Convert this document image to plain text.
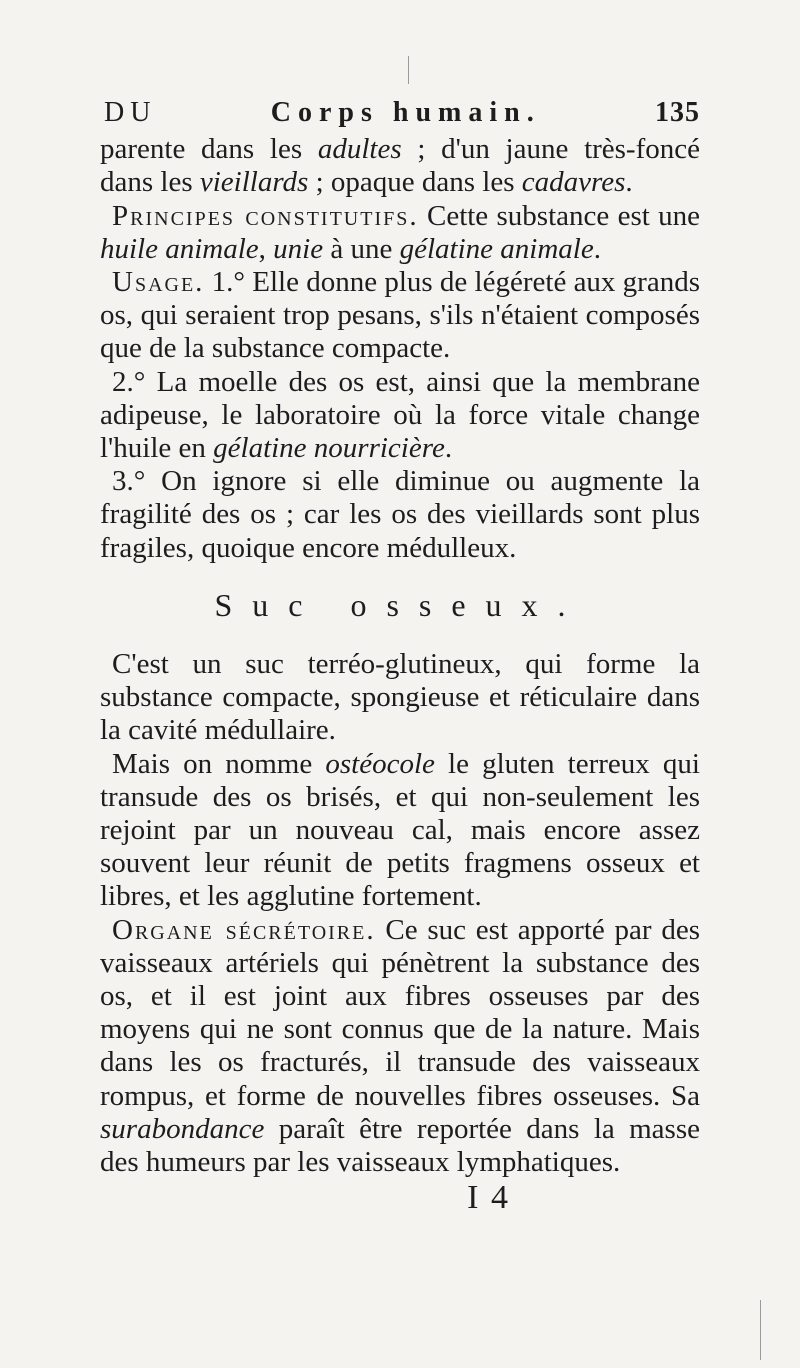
DU	Corps humain.	135

parente dans les adultes ; d'un jaune très-foncé dans les vieillards ; opaque dans les cadavres.

Principes constitutifs. Cette substance est une huile animale, unie à une gélatine animale.

Usage. 1.° Elle donne plus de légéreté aux grands os, qui seraient trop pesans, s'ils n'étaient composés que de la substance compacte.

2.° La moelle des os est, ainsi que la membrane adipeuse, le laboratoire où la force vitale change l'huile en gélatine nourricière.

3.° On ignore si elle diminue ou augmente la fragilité des os ; car les os des vieillards sont plus fragiles, quoique encore médulleux.

Suc osseux.

C'est un suc terréo-glutineux, qui forme la substance compacte, spongieuse et réticulaire dans la cavité médullaire.

Mais on nomme ostéocole le gluten terreux qui transude des os brisés, et qui non-seulement les rejoint par un nouveau cal, mais encore assez souvent leur réunit de petits fragmens osseux et libres, et les agglutine fortement.

Organe sécrétoire. Ce suc est apporté par des vaisseaux artériels qui pénètrent la substance des os, et il est joint aux fibres osseuses par des moyens qui ne sont connus que de la nature. Mais dans les os fracturés, il transude des vaisseaux rompus, et forme de nouvelles fibres osseuses. Sa surabondance paraît être reportée dans la masse des humeurs par les vaisseaux lymphatiques.

I 4
